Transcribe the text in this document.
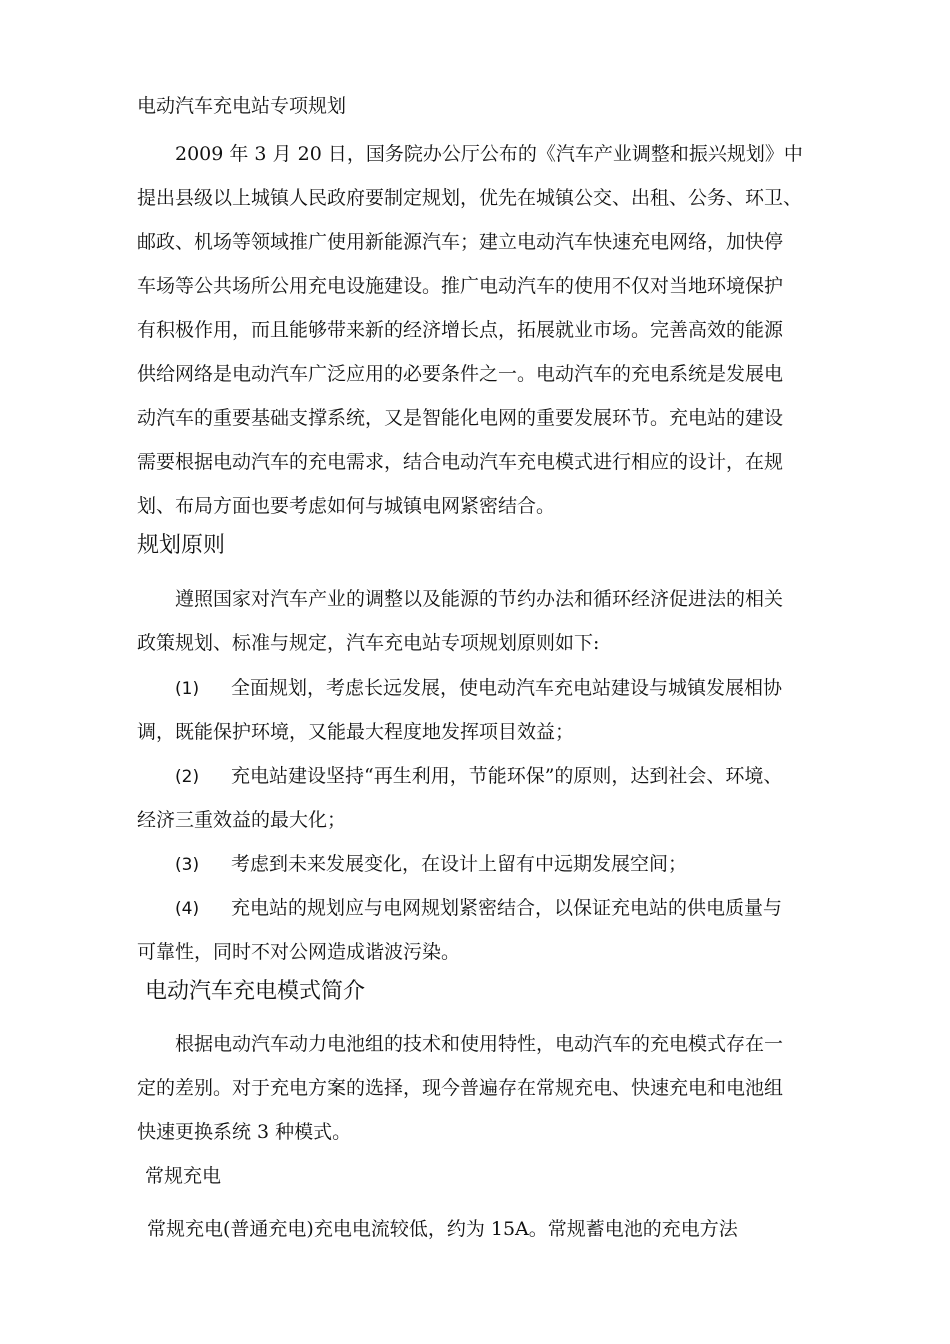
电动汽车充电站专项规划
2009 年 3 月 20 日，国务院办公厅公布的《汽车产业调整和振兴规划》中
提出县级以上城镇人民政府要制定规划，优先在城镇公交、出租、公务、环卫、
邮政、机场等领域推广使用新能源汽车；建立电动汽车快速充电网络，加快停
车场等公共场所公用充电设施建设。推广电动汽车的使用不仅对当地环境保护
有积极作用，而且能够带来新的经济增长点，拓展就业市场。完善高效的能源
供给网络是电动汽车广泛应用的必要条件之一。电动汽车的充电系统是发展电
动汽车的重要基础支撑系统，又是智能化电网的重要发展环节。充电站的建设
需要根据电动汽车的充电需求，结合电动汽车充电模式进行相应的设计，在规
划、布局方面也要考虑如何与城镇电网紧密结合。
规划原则
遵照国家对汽车产业的调整以及能源的节约办法和循环经济促进法的相关
政策规划、标准与规定，汽车充电站专项规划原则如下:
(1) 全面规划，考虑长远发展，使电动汽车充电站建设与城镇发展相协
调，既能保护环境，又能最大程度地发挥项目效益；
(2) 充电站建设坚持“再生利用，节能环保”的原则，达到社会、环境、
经济三重效益的最大化；
(3) 考虑到未来发展变化，在设计上留有中远期发展空间；
(4) 充电站的规划应与电网规划紧密结合，以保证充电站的供电质量与
可靠性，同时不对公网造成谐波污染。
电动汽车充电模式简介
根据电动汽车动力电池组的技术和使用特性，电动汽车的充电模式存在一
定的差别。对于充电方案的选择，现今普遍存在常规充电、快速充电和电池组
快速更换系统 3 种模式。
常规充电
常规充电(普通充电)充电电流较低，约为 15A。常规蓄电池的充电方法
